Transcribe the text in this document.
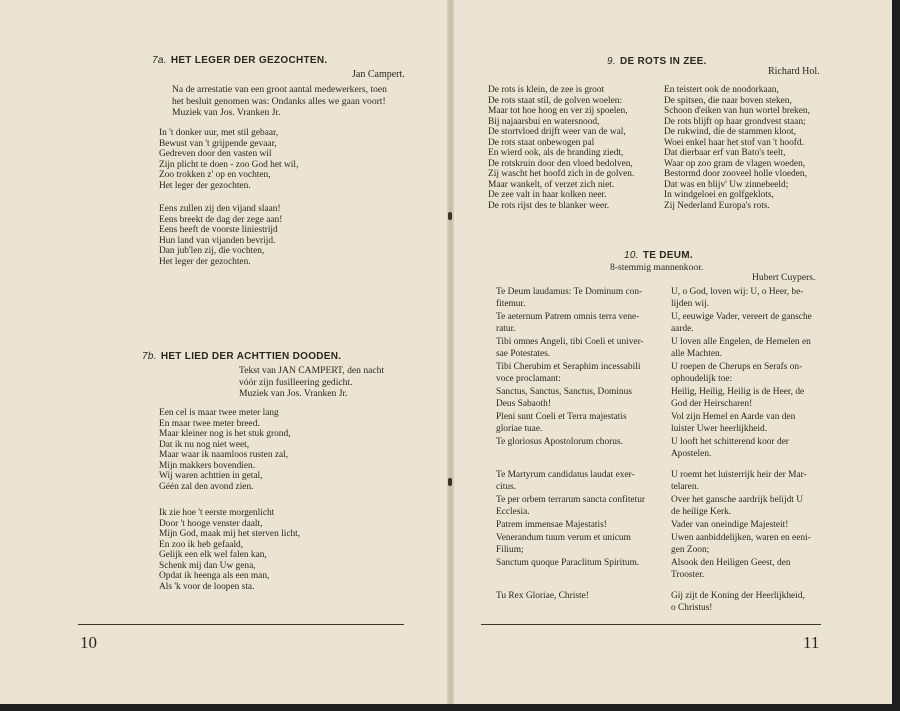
7a. HET LEGER DER GEZOCHTEN.
Jan Campert.
Na de arrestatie van een groot aantal medewerkers, toen
het besluit genomen was: Ondanks alles we gaan voort!
Muziek van Jos. Vranken Jr.
In 't donker uur, met stil gebaar,
Bewust van 't grijpende gevaar,
Gedreven door den vasten wil
Zijn plicht te doen - zoo God het wil,
Zoo trokken z' op en vochten,
Het leger der gezochten.
Eens zullen zij den vijand slaan!
Eens breekt de dag der zege aan!
Eens heeft de voorste liniestrijd
Hun land van vijanden bevrijd.
Dan jub'len zij, die vochten,
Het leger der gezochten.
7b. HET LIED DER ACHTTIEN DOODEN.
Tekst van JAN CAMPERT, den nacht
vóór zijn fusilleering gedicht.
Muziek van Jos. Vranken Jr.
Een cel is maar twee meter lang
En maar twee meter breed.
Maar kleiner nog is het stuk grond,
Dat ik nu nog niet weet,
Maar waar ik naamloos rusten zal,
Mijn makkers bovendien.
Wij waren achttien in getal,
Géén zal den avond zien.
Ik zie hoe 't eerste morgenlicht
Door 't hooge venster daalt,
Mijn God, maak mij het sterven licht,
En zoo ik heb gefaald,
Gelijk een elk wel falen kan,
Schenk mij dan Uw gena,
Opdat ik heenga als een man,
Als 'k voor de loopen sta.
10
9. DE ROTS IN ZEE.
Richard Hol.
De rots is klein, de zee is groot
De rots staat stil, de golven woelen:
Maar tot hoe hoog en ver zij spoelen,
Bij najaarsbui en watersnood,
De stortvloed drijft weer van de wal,
De rots staat onbewogen pal
En wierd ook, als de branding ziedt,
De rotskruin door den vloed bedolven,
Zij wascht het hoofd zich in de golven.
Maar wankelt, of verzet zich niet.
De zee valt in haar kolken neer.
De rots rijst des te blanker weer.
En teistert ook de noodorkaan,
De spitsen, die naar boven steken,
Schoon d'eiken van hun wortel breken,
De rots blijft op haar grondvest staan;
De rukwind, die de stammen kloot,
Woei enkel haar het stof van 't hoofd.
Dat dierbaar erf van Bato's teelt,
Waar op zoo gram de vlagen woeden,
Bestormd door zooveel holle vloeden,
Dat was en blijv' Uw zinnebeeld;
In windgeloei en golfgeklots,
Zij Nederland Europa's rots.
10. TE DEUM.
8-stemmig mannenkoor.
Hubert Cuypers.
Te Deum laudamus: Te Dominum con-
fitemur.
Te aeternum Patrem omnis terra vene-
ratur.
Tibi omnes Angeli, tibi Coeli et univer-
sae Potestates.
Tibi Cherubim et Seraphim incessabili
voce proclamant:
Sanctus, Sanctus, Sanctus, Dominus
Deus Sabaoth!
Pleni sunt Coeli et Terra majestatis
gloriae tuae.
Te gloriosus Apostolorum chorus.
Te Martyrum candidatus laudat exer-
citus.
Te per orbem terrarum sancta confitetur
Ecclesia.
Patrem immensae Majestatis!
Venerandum tuum verum et unicum
Filium;
Sanctum quoque Paraclitum Spiritum.
Tu Rex Gloriae, Christe!
U, o God, loven wij: U, o Heer, be-
lijden wij.
U, eeuwige Vader, vereert de gansche
aarde.
U loven alle Engelen, de Hemelen en
alle Machten.
U roepen de Cherups en Serafs on-
ophoudelijk toe:
Heilig, Heilig, Heilig is de Heer, de
God der Heirscharen!
Vol zijn Hemel en Aarde van den
luister Uwer heerlijkheid.
U looft het schitterend koor der
Apostelen.
U roemt het luisterrijk heir der Mar-
telaren.
Over het gansche aardrijk belijdt U
de heilige Kerk.
Vader van oneindige Majesteit!
Uwen aanbiddelijken, waren en eeni-
gen Zoon;
Alsook den Heiligen Geest, den
Trooster.
Gij zijt de Koning der Heerlijkheid,
o Christus!
11
